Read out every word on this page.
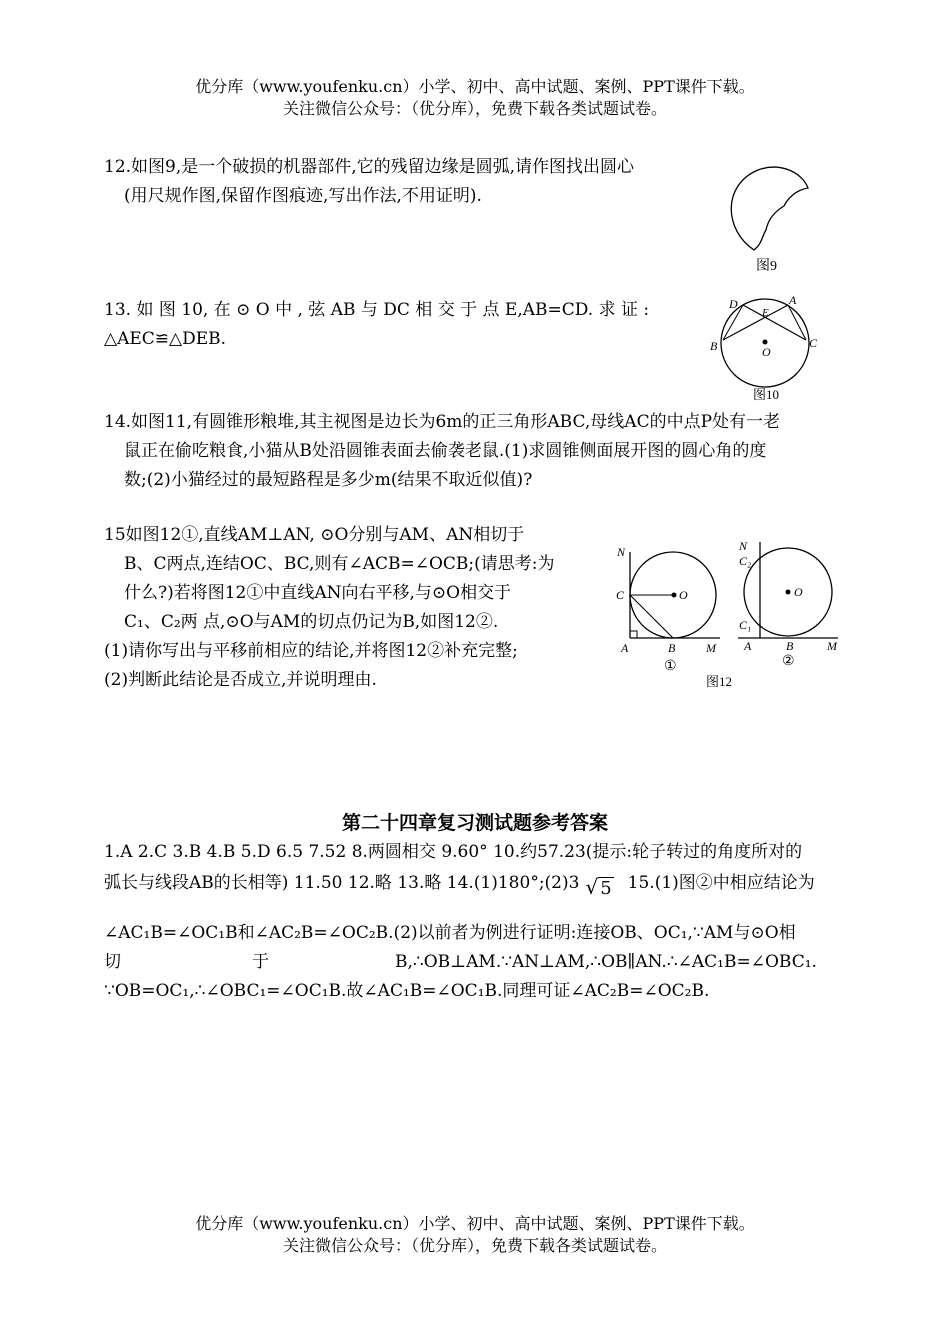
优分库（www.youfenku.cn）小学、初中、高中试题、案例、PPT课件下载。
关注微信公众号：（优分库），免费下载各类试题试卷。
12.如图9,是一个破损的机器部件,它的残留边缘是圆弧,请作图找出圆心
(用尺规作图,保留作图痕迹,写出作法,不用证明).
图9
13. 如 图 10, 在 ⊙ O 中 , 弦 AB 与 DC 相 交 于 点 E,AB=CD. 求 证 :
△AEC≌△DEB.
D	A
E
B	C
O
图10
14.如图11,有圆锥形粮堆,其主视图是边长为6m的正三角形ABC,母线AC的中点P处有一老
鼠正在偷吃粮食,小猫从B处沿圆锥表面去偷袭老鼠.(1)求圆锥侧面展开图的圆心角的度
数;(2)小猫经过的最短路程是多少m(结果不取近似值)?
15如图12①,直线AM⊥AN, ⊙O分别与AM、AN相切于
B、C两点,连结OC、BC,则有∠ACB=∠OCB;(请思考:为
什么?)若将图12①中直线AN向右平移,与⊙O相交于
C₁、C₂两 点,⊙O与AM的切点仍记为B,如图12②.
(1)请你写出与平移前相应的结论,并将图12②补充完整;
(2)判断此结论是否成立,并说明理由.
N
C	O
A	B	M
①
N
C₂
O
C₁
A	B	M
②
图12
第二十四章复习测试题参考答案
1.A 2.C 3.B 4.B 5.D 6.5 7.52 8.两圆相交 9.60° 10.约57.23(提示:轮子转过的角度所对的
弧长与线段AB的长相等) 11.50 12.略 13.略 14.(1)180°;(2)3 √ 5 15.(1)图②中相应结论为
∠AC₁B=∠OC₁B和∠AC₂B=∠OC₂B.(2)以前者为例进行证明:连接OB、OC₁,∵AM与⊙O相
切	于	B,∴OB⊥AM.∵AN⊥AM,∴OB∥AN.∴∠AC₁B=∠OBC₁.
∵OB=OC₁,∴∠OBC₁=∠OC₁B.故∠AC₁B=∠OC₁B.同理可证∠AC₂B=∠OC₂B.
优分库（www.youfenku.cn）小学、初中、高中试题、案例、PPT课件下载。
关注微信公众号：（优分库），免费下载各类试题试卷。
